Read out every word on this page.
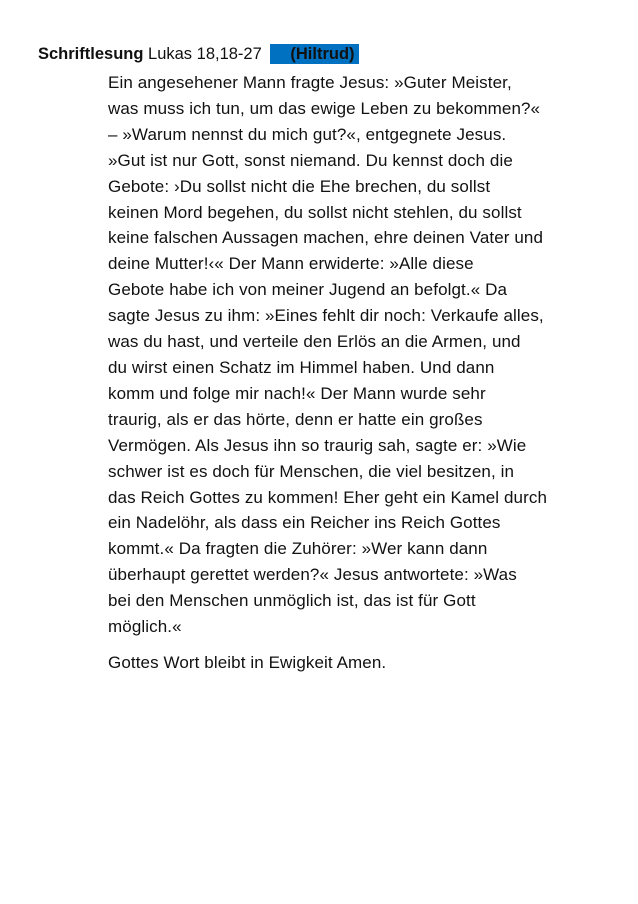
Schriftlesung Lukas 18,18-27 (Hiltrud)
Ein angesehener Mann fragte Jesus: »Guter Meister,
was muss ich tun, um das ewige Leben zu bekommen?«
– »Warum nennst du mich gut?«, entgegnete Jesus.
»Gut ist nur Gott, sonst niemand. Du kennst doch die
Gebote: ›Du sollst nicht die Ehe brechen, du sollst
keinen Mord begehen, du sollst nicht stehlen, du sollst
keine falschen Aussagen machen, ehre deinen Vater und
deine Mutter!‹« Der Mann erwiderte: »Alle diese
Gebote habe ich von meiner Jugend an befolgt.« Da
sagte Jesus zu ihm: »Eines fehlt dir noch: Verkaufe alles,
was du hast, und verteile den Erlös an die Armen, und
du wirst einen Schatz im Himmel haben. Und dann
komm und folge mir nach!« Der Mann wurde sehr
traurig, als er das hörte, denn er hatte ein großes
Vermögen. Als Jesus ihn so traurig sah, sagte er: »Wie
schwer ist es doch für Menschen, die viel besitzen, in
das Reich Gottes zu kommen! Eher geht ein Kamel durch
ein Nadelöhr, als dass ein Reicher ins Reich Gottes
kommt.« Da fragten die Zuhörer: »Wer kann dann
überhaupt gerettet werden?« Jesus antwortete: »Was
bei den Menschen unmöglich ist, das ist für Gott
möglich.«
Gottes Wort bleibt in Ewigkeit Amen.
